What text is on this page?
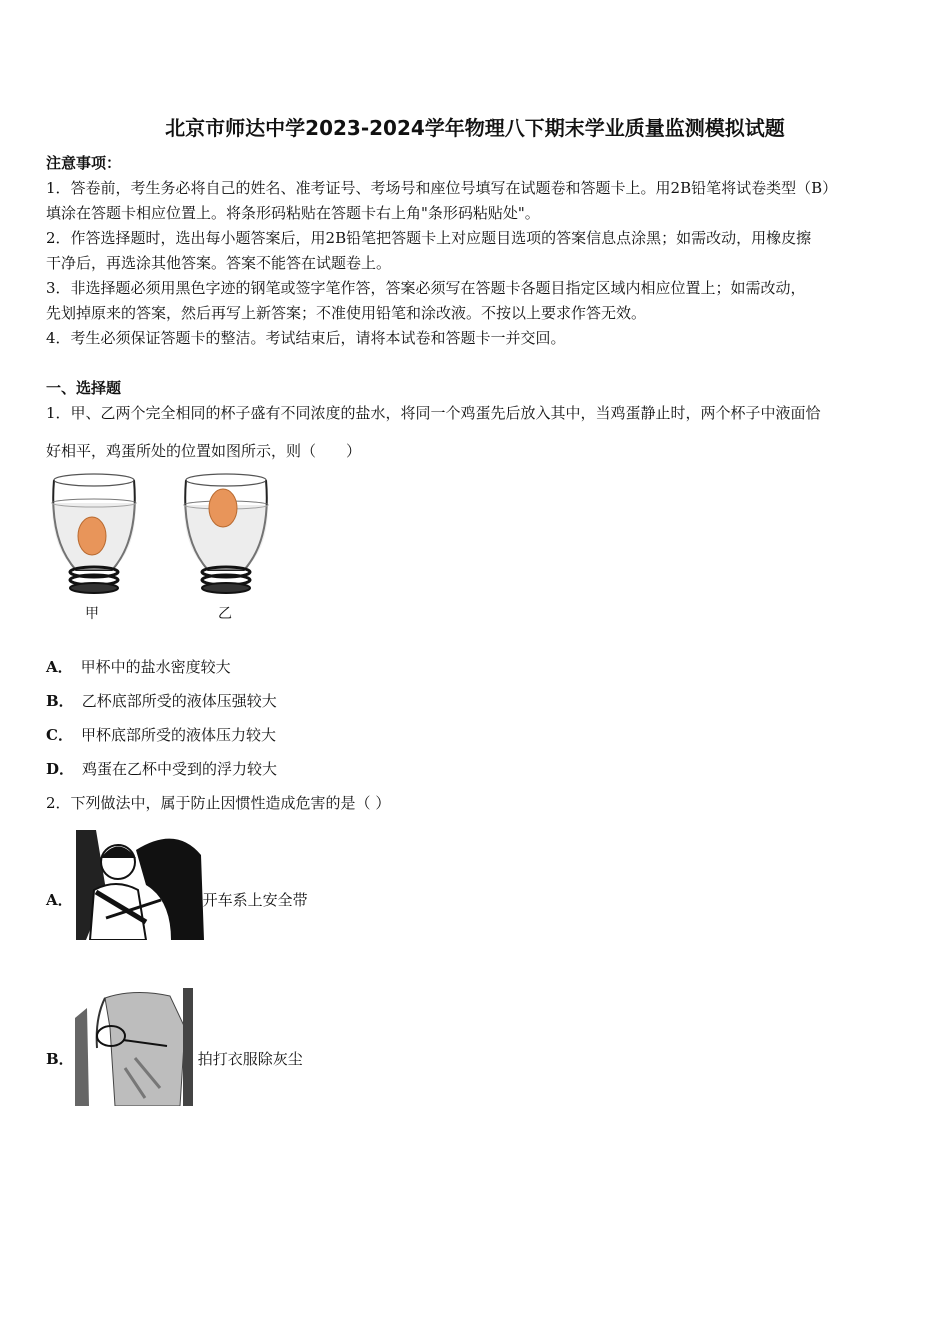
北京市师达中学2023-2024学年物理八下期末学业质量监测模拟试题
注意事项：
1．答卷前，考生务必将自己的姓名、准考证号、考场号和座位号填写在试题卷和答题卡上。用2B铅笔将试卷类型（B）
填涂在答题卡相应位置上。将条形码粘贴在答题卡右上角"条形码粘贴处"。
2．作答选择题时，选出每小题答案后，用2B铅笔把答题卡上对应题目选项的答案信息点涂黑；如需改动，用橡皮擦
干净后，再选涂其他答案。答案不能答在试题卷上。
3．非选择题必须用黑色字迹的钢笔或签字笔作答，答案必须写在答题卡各题目指定区域内相应位置上；如需改动，
先划掉原来的答案，然后再写上新答案；不准使用铅笔和涂改液。不按以上要求作答无效。
4．考生必须保证答题卡的整洁。考试结束后，请将本试卷和答题卡一并交回。
一、选择题
1．甲、乙两个完全相同的杯子盛有不同浓度的盐水，将同一个鸡蛋先后放入其中，当鸡蛋静止时，两个杯子中液面恰
好相平，鸡蛋所处的位置如图所示，则（　　）
甲	乙
A． 甲杯中的盐水密度较大
B． 乙杯底部所受的液体压强较大
C． 甲杯底部所受的液体压力较大
D． 鸡蛋在乙杯中受到的浮力较大
2．下列做法中，属于防止因惯性造成危害的是（ ）
A．	开车系上安全带
B．	拍打衣服除灰尘
